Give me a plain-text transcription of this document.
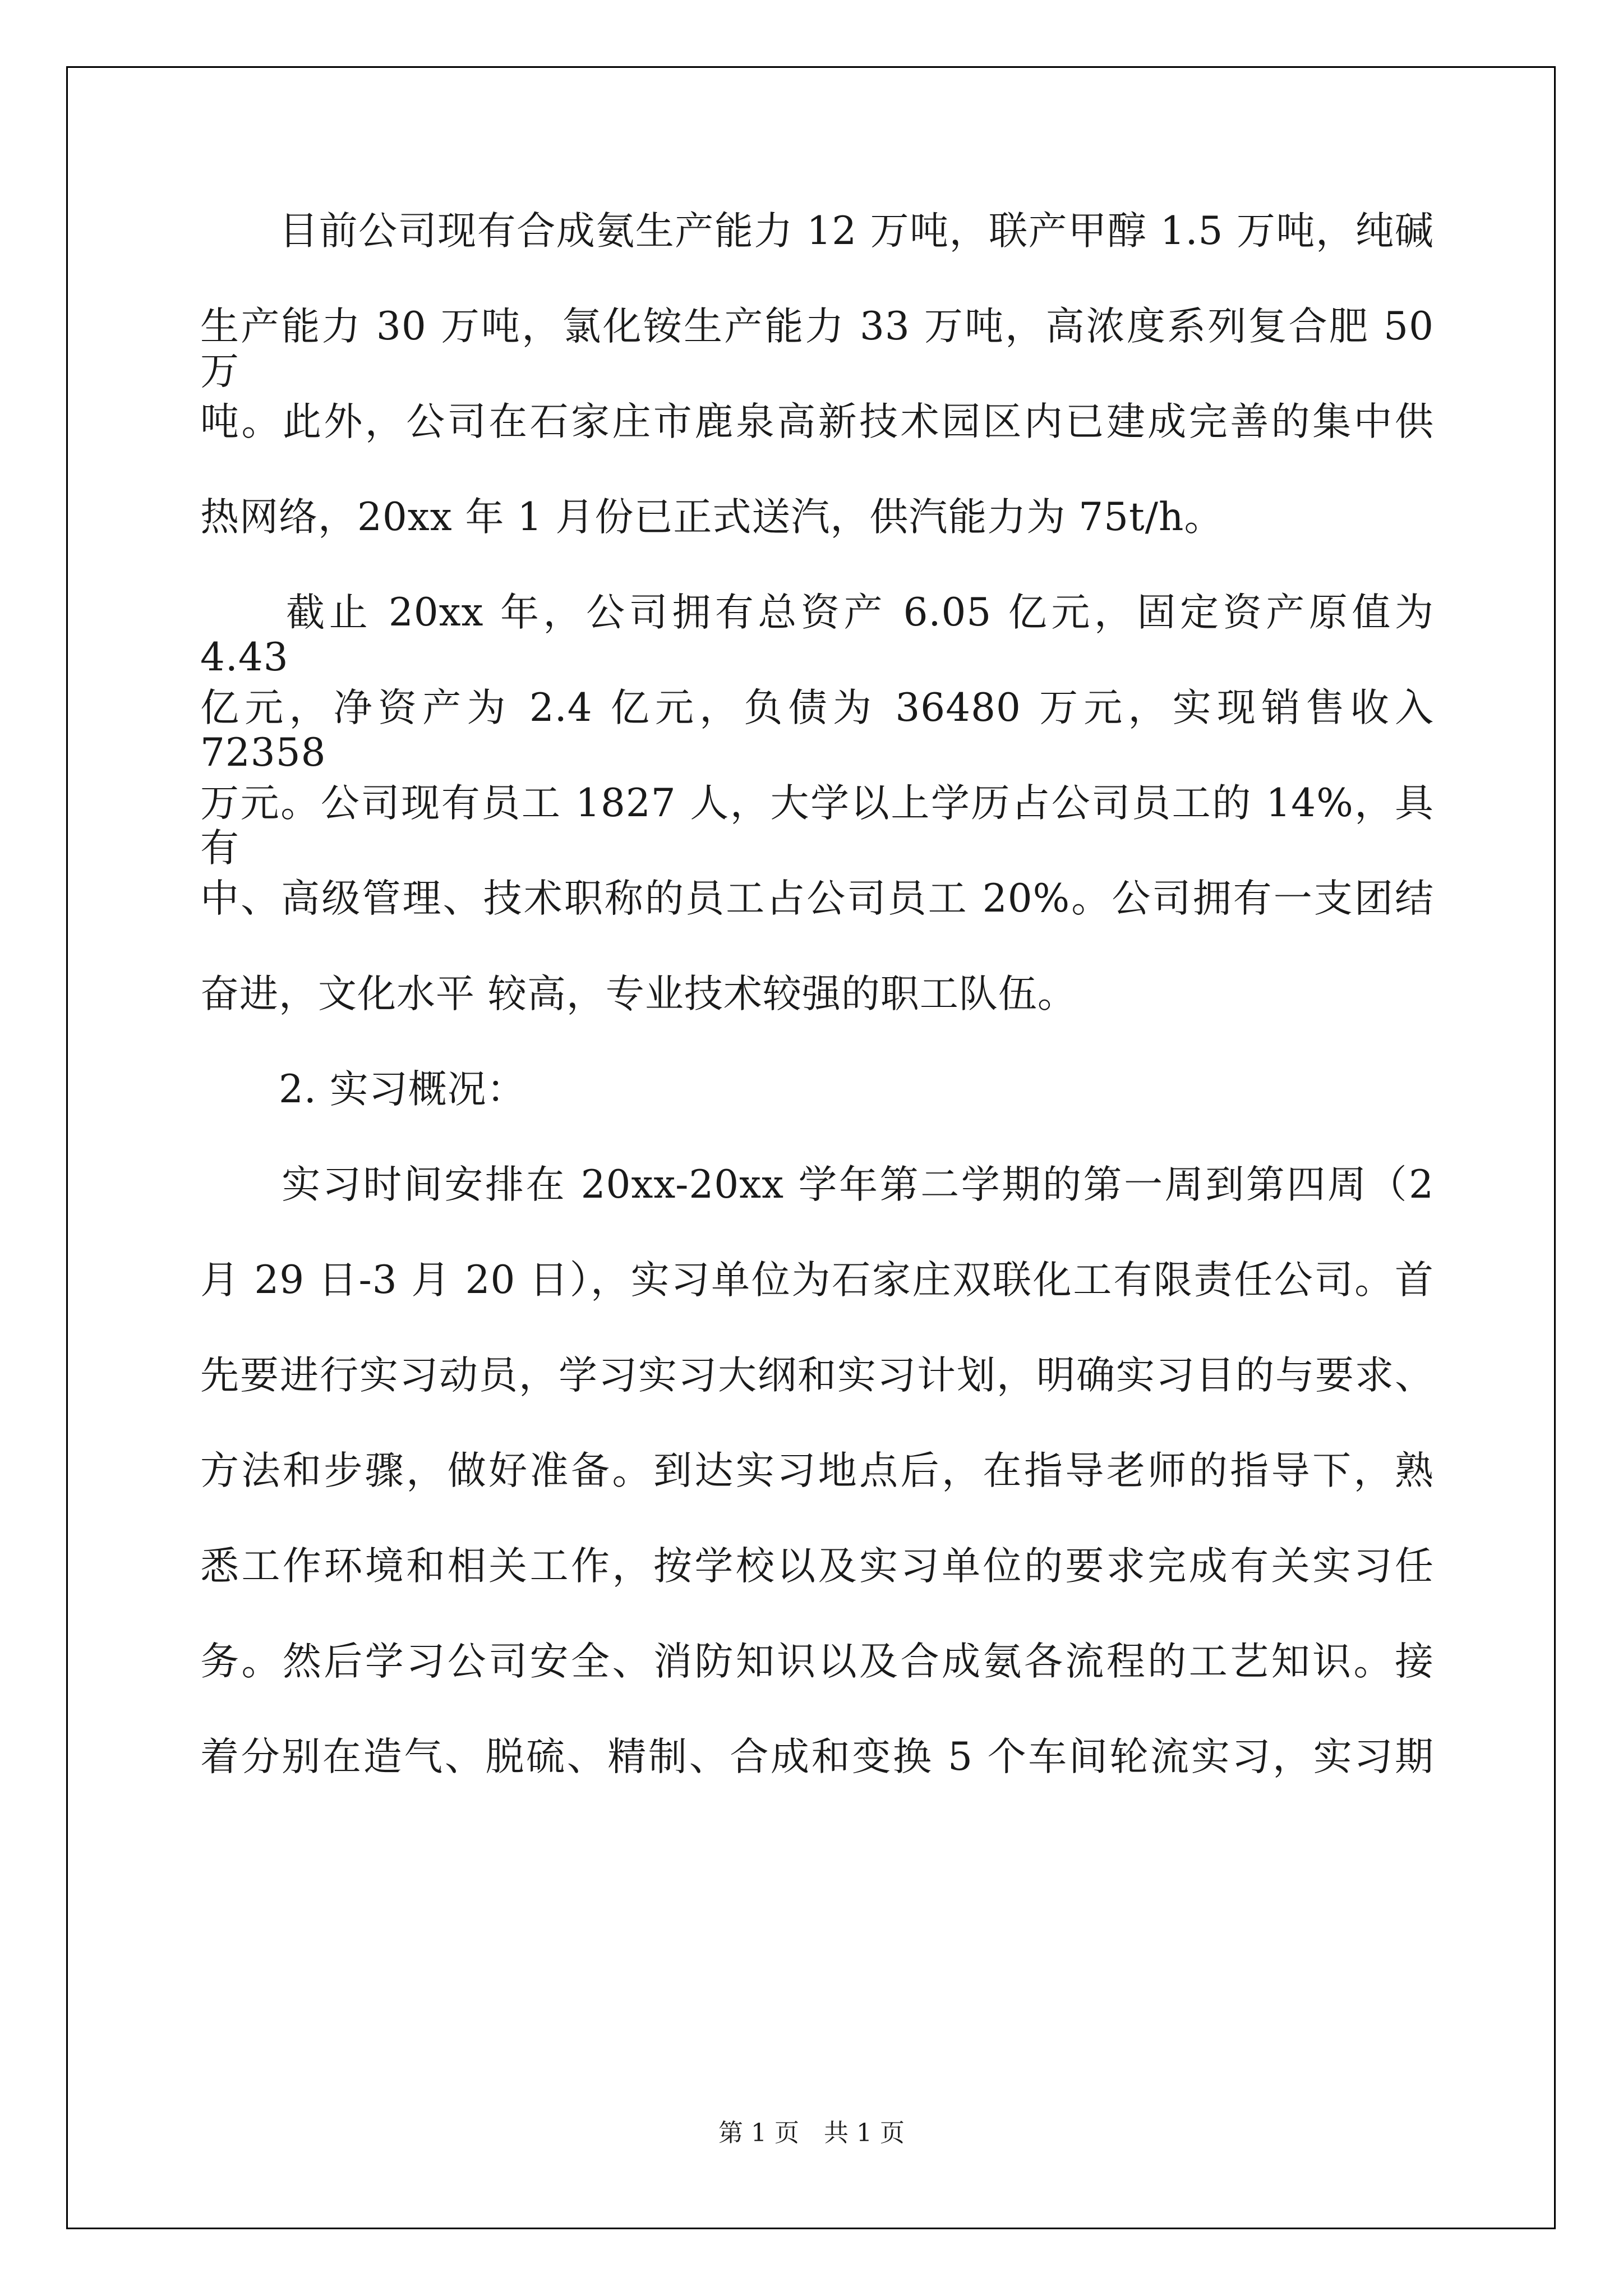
　　目前公司现有合成氨生产能力 12 万吨，联产甲醇 1.5 万吨，纯碱
生产能力 30 万吨，氯化铵生产能力 33 万吨，高浓度系列复合肥 50 万
吨。此外，公司在石家庄市鹿泉高新技术园区内已建成完善的集中供
热网络，20xx 年 1 月份已正式送汽，供汽能力为 75t/h。
　　截止 20xx 年，公司拥有总资产 6.05 亿元，固定资产原值为 4.43
亿元，净资产为 2.4 亿元，负债为 36480 万元，实现销售收入 72358
万元。公司现有员工 1827 人，大学以上学历占公司员工的 14%，具有
中、高级管理、技术职称的员工占公司员工 20%。公司拥有一支团结
奋进，文化水平 较高，专业技术较强的职工队伍。
　　2. 实习概况：
　　实习时间安排在 20xx-20xx 学年第二学期的第一周到第四周（2
月 29 日-3 月 20 日），实习单位为石家庄双联化工有限责任公司。首
先要进行实习动员，学习实习大纲和实习计划，明确实习目的与要求、
方法和步骤，做好准备。到达实习地点后，在指导老师的指导下，熟
悉工作环境和相关工作，按学校以及实习单位的要求完成有关实习任
务。然后学习公司安全、消防知识以及合成氨各流程的工艺知识。接
着分别在造气、脱硫、精制、合成和变换 5 个车间轮流实习，实习期
第 1 页　共 1 页
